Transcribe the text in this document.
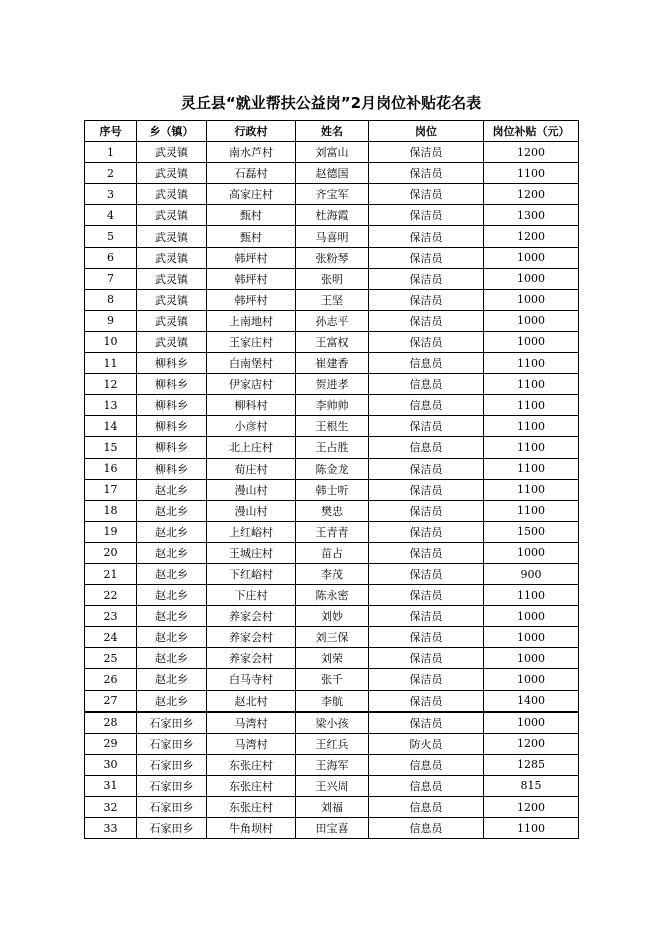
灵丘县“就业帮扶公益岗”2月岗位补贴花名表
序号	乡（镇）	行政村	姓名	岗位	岗位补贴（元）
1	武灵镇	南水芦村	刘富山	保洁员	1200
2	武灵镇	石磊村	赵德国	保洁员	1100
3	武灵镇	高家庄村	齐宝军	保洁员	1200
4	武灵镇	甄村	杜海霞	保洁员	1300
5	武灵镇	甄村	马喜明	保洁员	1200
6	武灵镇	韩坪村	张粉琴	保洁员	1000
7	武灵镇	韩坪村	张明	保洁员	1000
8	武灵镇	韩坪村	王坚	保洁员	1000
9	武灵镇	上南地村	孙志平	保洁员	1000
10	武灵镇	王家庄村	王富权	保洁员	1000
11	柳科乡	白南堡村	崔建香	信息员	1100
12	柳科乡	伊家店村	贺进孝	信息员	1100
13	柳科乡	柳科村	李帅帅	信息员	1100
14	柳科乡	小彦村	王根生	保洁员	1100
15	柳科乡	北上庄村	王占胜	信息员	1100
16	柳科乡	荀庄村	陈金龙	保洁员	1100
17	赵北乡	漫山村	韩士听	保洁员	1100
18	赵北乡	漫山村	樊忠	保洁员	1100
19	赵北乡	上红峪村	王青青	保洁员	1500
20	赵北乡	王城庄村	苗占	保洁员	1000
21	赵北乡	下红峪村	李茂	保洁员	900
22	赵北乡	下庄村	陈永密	保洁员	1100
23	赵北乡	养家会村	刘妙	保洁员	1000
24	赵北乡	养家会村	刘三保	保洁员	1000
25	赵北乡	养家会村	刘荣	保洁员	1000
26	赵北乡	白马寺村	张千	保洁员	1000
27	赵北乡	赵北村	李航	保洁员	1400
28	石家田乡	马湾村	梁小孩	保洁员	1000
29	石家田乡	马湾村	王红兵	防火员	1200
30	石家田乡	东张庄村	王海军	信息员	1285
31	石家田乡	东张庄村	王兴周	信息员	815
32	石家田乡	东张庄村	刘福	信息员	1200
33	石家田乡	牛角坝村	田宝喜	信息员	1100
